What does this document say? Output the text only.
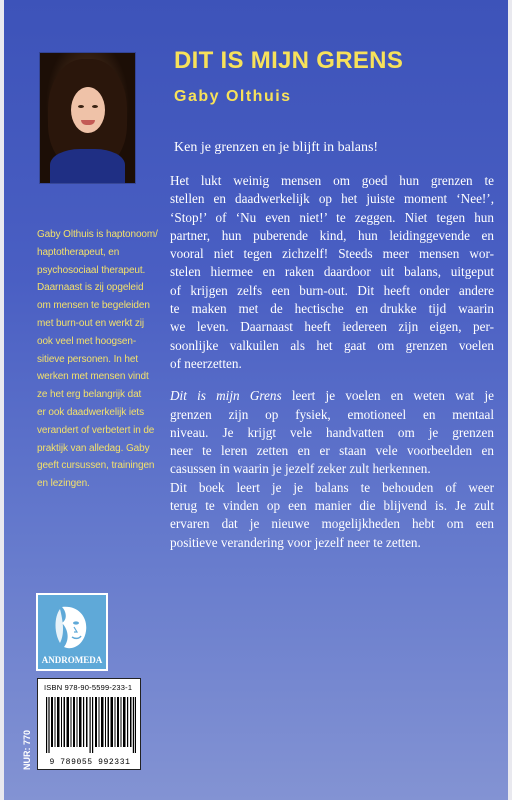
DIT IS MIJN GRENS
Gaby Olthuis
Ken je grenzen en je blijft in balans!
Het lukt weinig mensen om goed hun grenzen te
stellen en daadwerkelijk op het juiste moment ‘Nee!’,
‘Stop!’ of ‘Nu even niet!’ te zeggen. Niet tegen hun
partner, hun puberende kind, hun leidinggevende en
vooral niet tegen zichzelf! Steeds meer mensen wor-
stelen hiermee en raken daardoor uit balans, uitgeput
of krijgen zelfs een burn-out. Dit heeft onder andere
te maken met de hectische en drukke tijd waarin
we leven. Daarnaast heeft iedereen zijn eigen, per-
soonlijke valkuilen als het gaat om grenzen voelen
of neerzetten.
Dit is mijn Grens leert je voelen en weten wat je
grenzen zijn op fysiek, emotioneel en mentaal
niveau. Je krijgt vele handvatten om je grenzen
neer te leren zetten en er staan vele voorbeelden en
casussen in waarin je jezelf zeker zult herkennen.
Dit boek leert je je balans te behouden of weer
terug te vinden op een manier die blijvend is. Je zult
ervaren dat je nieuwe mogelijkheden hebt om een
positieve verandering voor jezelf neer te zetten.
Gaby Olthuis is haptonoom/
haptotherapeut, en
psychosociaal therapeut.
Daarnaast is zij opgeleid
om mensen te begeleiden
met burn-out en werkt zij
ook veel met hoogsen-
sitieve personen. In het
werken met mensen vindt
ze het erg belangrijk dat
er ook daadwerkelijk iets
verandert of verbetert in de
praktijk van alledag. Gaby
geeft cursussen, trainingen
en lezingen.
ANDROMEDA
ISBN 978-90-5599-233-1
9 789055 992331
NUR: 770
